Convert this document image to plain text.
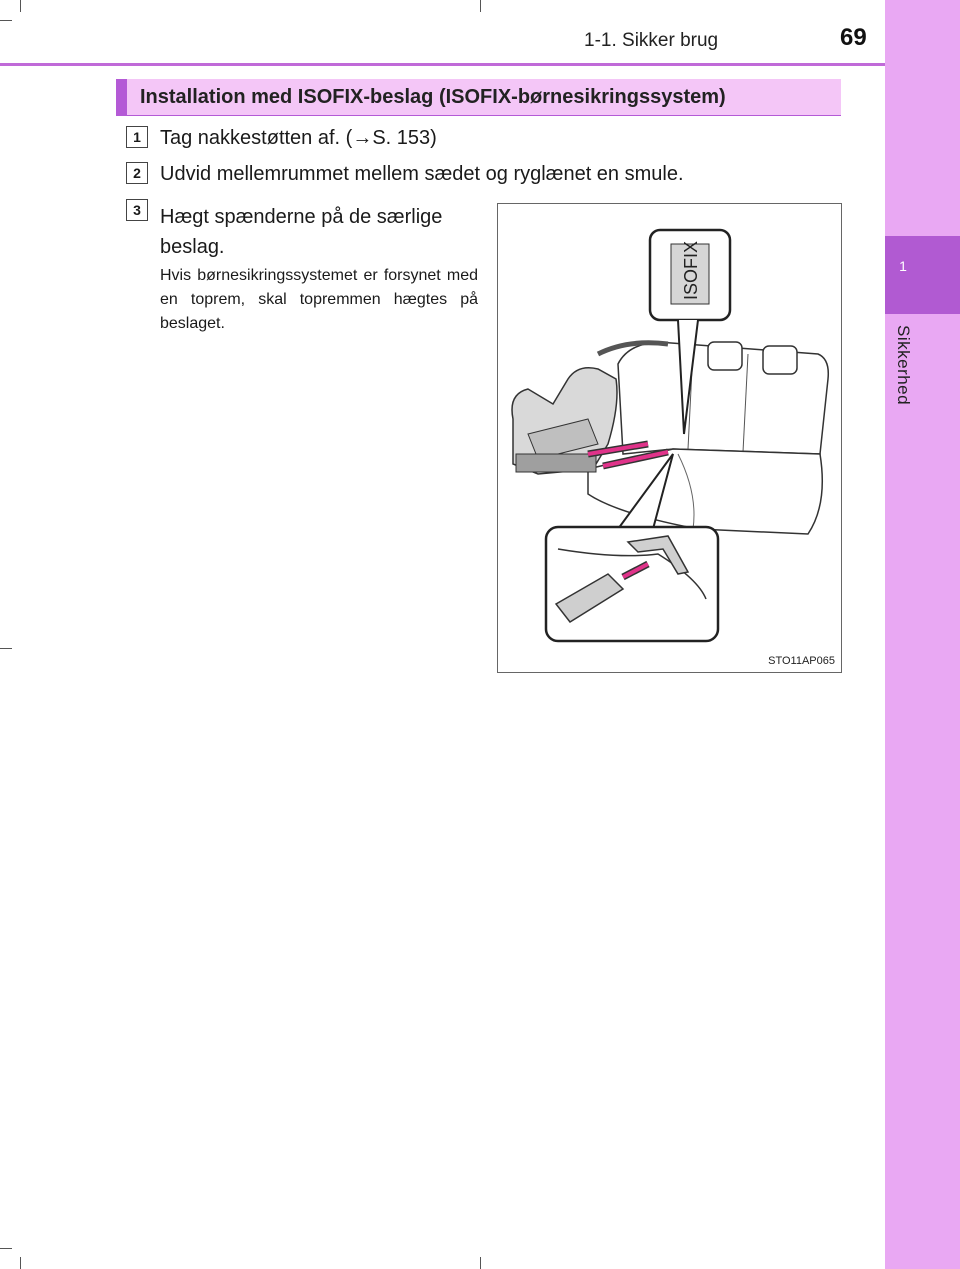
1
Sikkerhed
1-1. Sikker brug	69
Installation med ISOFIX-beslag (ISOFIX-børnesikringssystem)
1 Tag nakkestøtten af. (→S. 153)
2 Udvid mellemrummet mellem sædet og ryglænet en smule.
3 Hægt spænderne på de særlige beslag.
Hvis børnesikringssystemet er forsynet med en toprem, skal topremmen hægtes på beslaget.
ISOFIX
STO11AP065
